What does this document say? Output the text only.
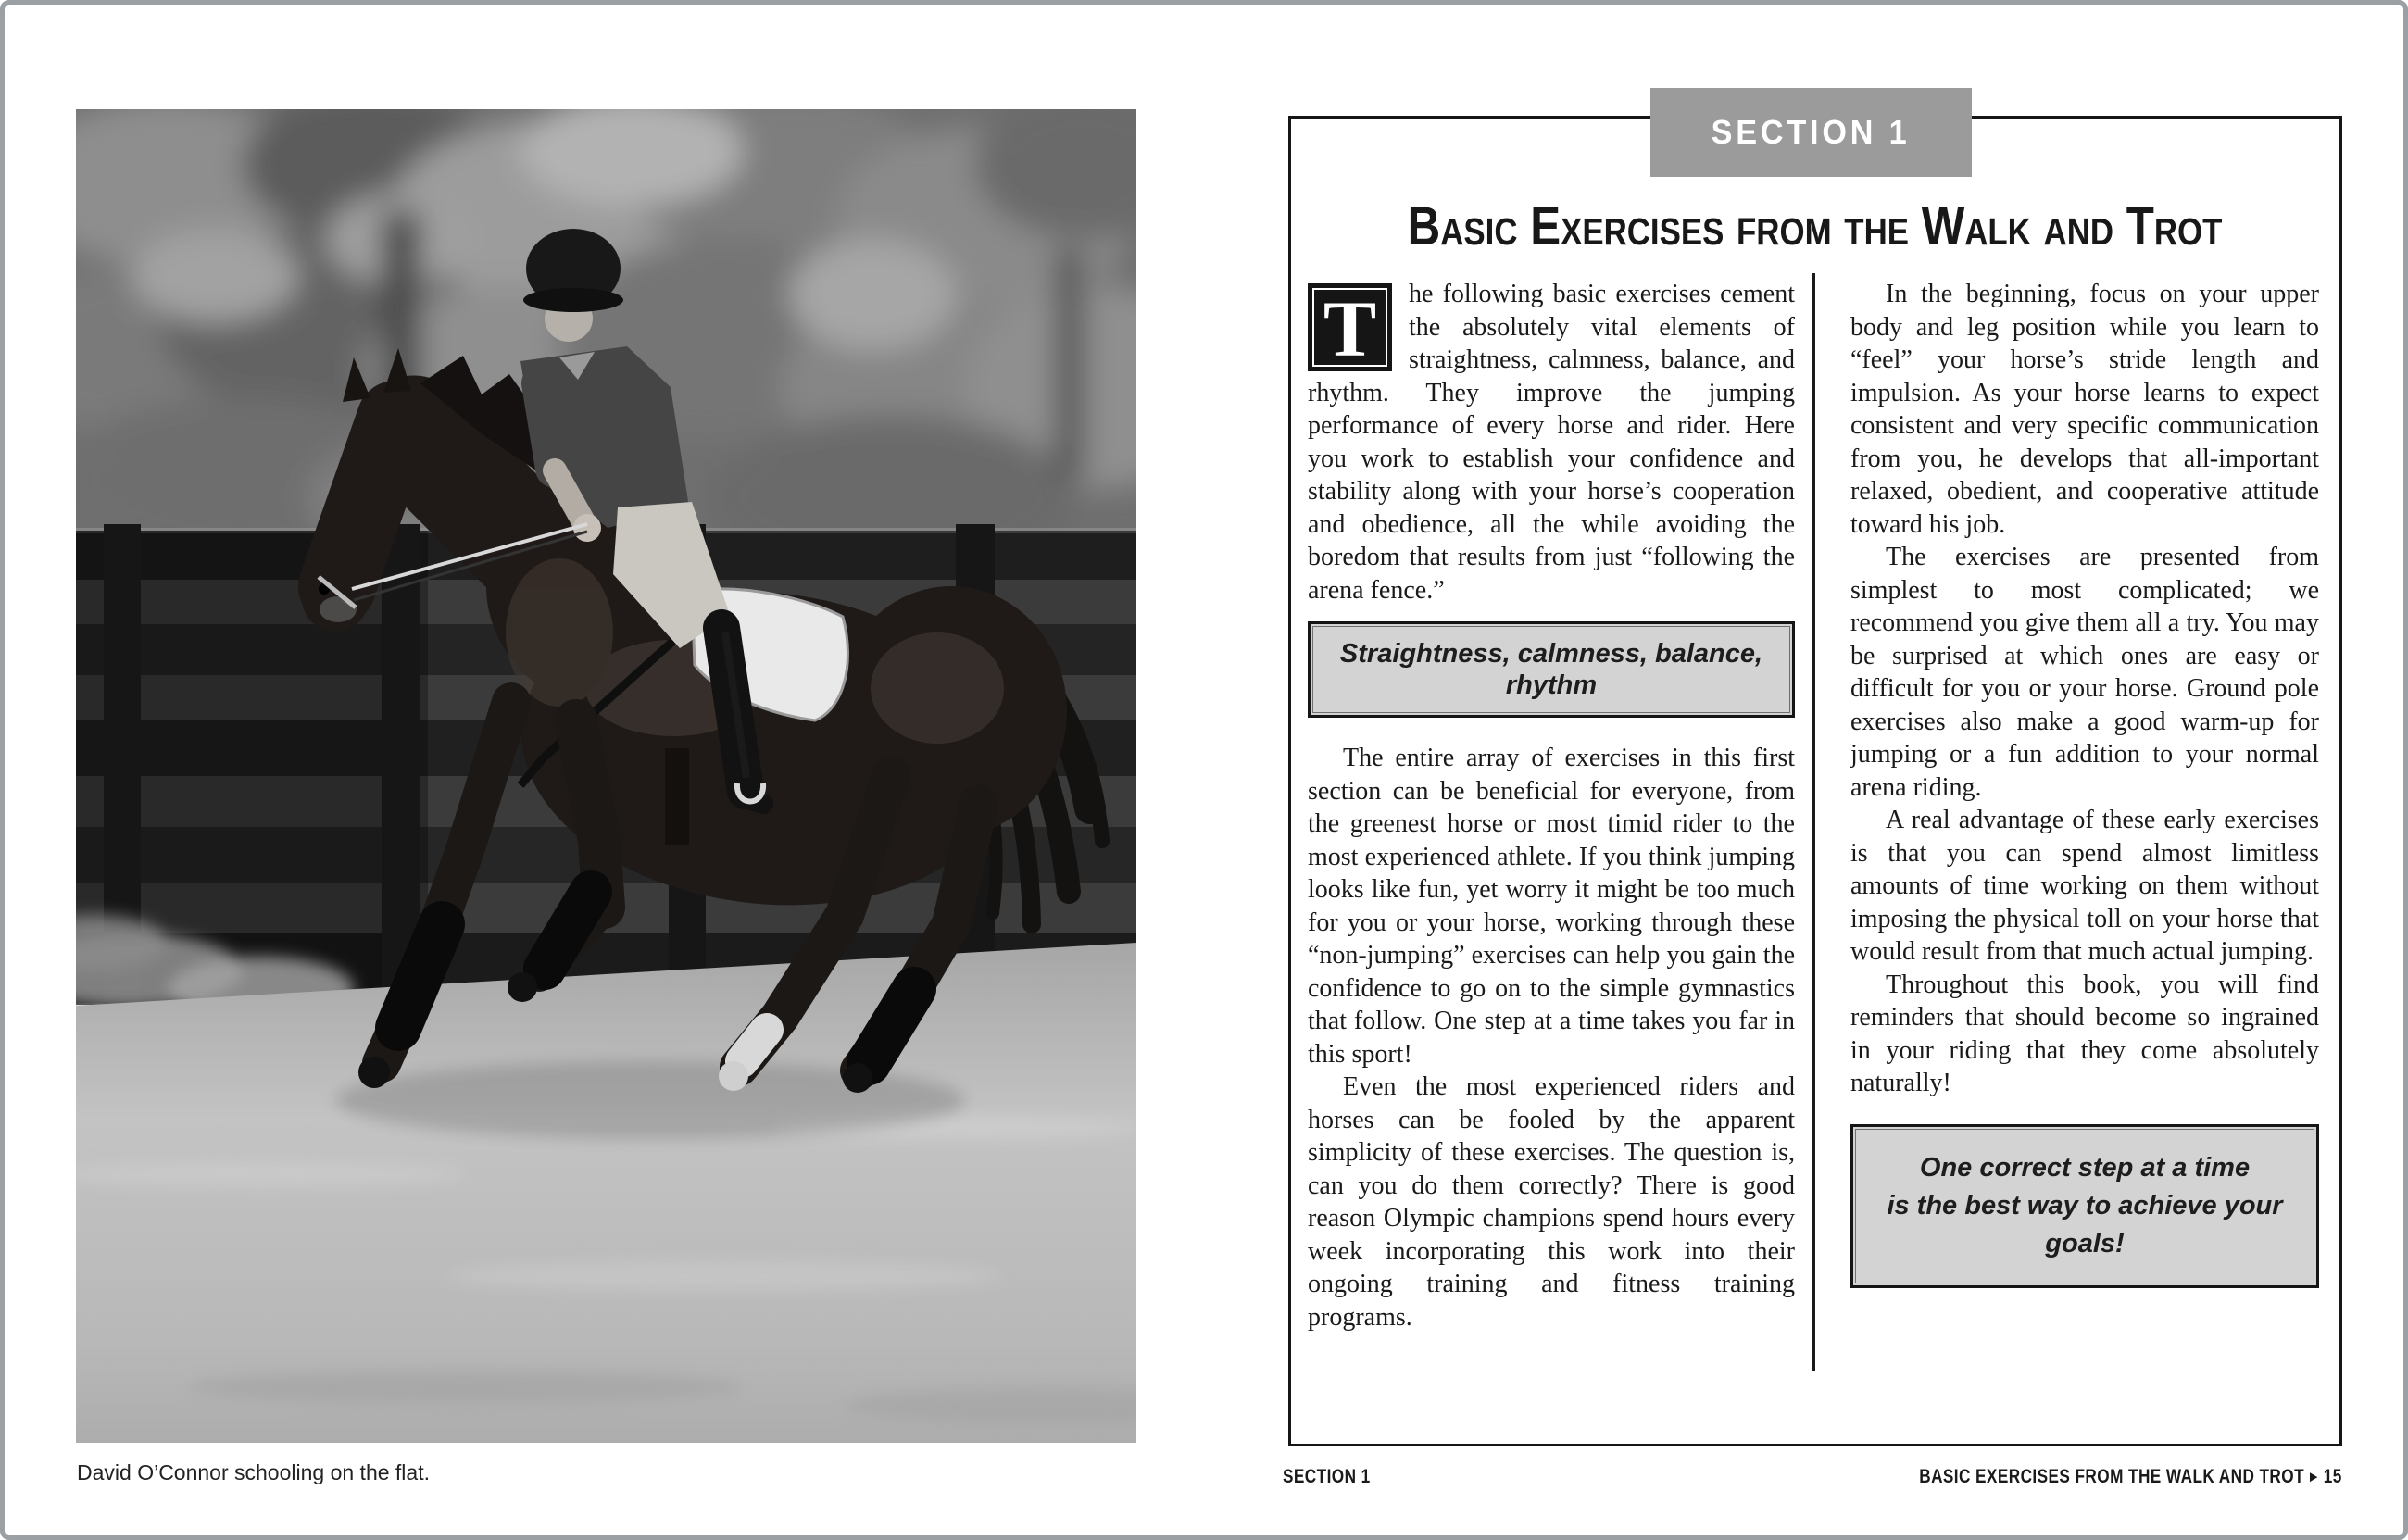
David O’Connor schooling on the flat.
SECTION 1
Basic Exercises from the Walk and Trot

T	he following basic exercises cement the absolutely vital elements of straightness, calmness, balance, and rhythm. They improve the jumping performance of every horse and rider. Here you work to establish your confidence and stability along with your horse’s cooperation and obedience, all the while avoiding the boredom that results from just “following the arena fence.”

Straightness, calmness, balance, rhythm

The entire array of exercises in this first section can be beneficial for everyone, from the greenest horse or most timid rider to the most experienced athlete. If you think jumping looks like fun, yet worry it might be too much for you or your horse, working through these “non-jumping” exercises can help you gain the confidence to go on to the simple gymnastics that follow. One step at a time takes you far in this sport!

Even the most experienced riders and horses can be fooled by the apparent simplicity of these exercises. The question is, can you do them correctly? There is good reason Olympic champions spend hours every week incorporating this work into their ongoing training and fitness training programs.

In the beginning, focus on your upper body and leg position while you learn to “feel” your horse’s stride length and impulsion. As your horse learns to expect consistent and very specific communication from you, he develops that all-important relaxed, obedient, and cooperative attitude toward his job.

The exercises are presented from simplest to most complicated; we recommend you give them all a try. You may be surprised at which ones are easy or difficult for you or your horse. Ground pole exercises also make a good warm-up for jumping or a fun addition to your normal arena riding.

A real advantage of these early exercises is that you can spend almost limitless amounts of time working on them without imposing the physical toll on your horse that would result from that much actual jumping.

Throughout this book, you will find reminders that should become so ingrained in your riding that they come absolutely naturally!

One correct step at a time
is the best way to achieve your goals!
SECTION 1	BASIC EXERCISES FROM THE WALK AND TROT ► 15
